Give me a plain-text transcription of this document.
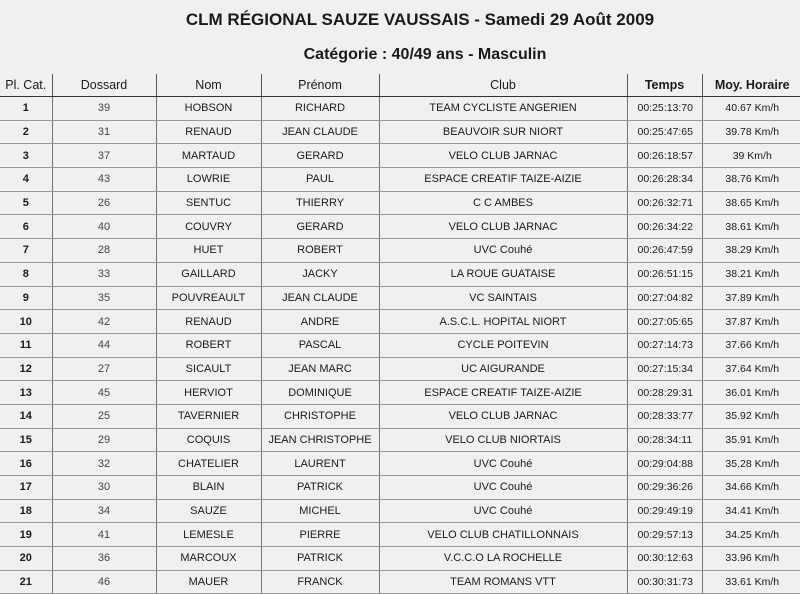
CLM RÉGIONAL SAUZE VAUSSAIS - Samedi 29 Août 2009
Catégorie : 40/49 ans - Masculin
Pl. Cat.	Dossard	Nom	Prénom	Club	Temps	Moy. Horaire
1	39	HOBSON	RICHARD	TEAM CYCLISTE ANGERIEN	00:25:13:70	40.67 Km/h
2	31	RENAUD	JEAN CLAUDE	BEAUVOIR SUR NIORT	00:25:47:65	39.78 Km/h
3	37	MARTAUD	GERARD	VELO CLUB JARNAC	00:26:18:57	39 Km/h
4	43	LOWRIE	PAUL	ESPACE CREATIF TAIZE-AIZIE	00:26:28:34	38.76 Km/h
5	26	SENTUC	THIERRY	C C AMBES	00:26:32:71	38.65 Km/h
6	40	COUVRY	GERARD	VELO CLUB JARNAC	00:26:34:22	38.61 Km/h
7	28	HUET	ROBERT	UVC Couhé	00:26:47:59	38.29 Km/h
8	33	GAILLARD	JACKY	LA ROUE GUATAISE	00:26:51:15	38.21 Km/h
9	35	POUVREAULT	JEAN CLAUDE	VC SAINTAIS	00:27:04:82	37.89 Km/h
10	42	RENAUD	ANDRE	A.S.C.L. HOPITAL NIORT	00:27:05:65	37.87 Km/h
11	44	ROBERT	PASCAL	CYCLE POITEVIN	00:27:14:73	37.66 Km/h
12	27	SICAULT	JEAN MARC	UC AIGURANDE	00:27:15:34	37.64 Km/h
13	45	HERVIOT	DOMINIQUE	ESPACE CREATIF TAIZE-AIZIE	00:28:29:31	36.01 Km/h
14	25	TAVERNIER	CHRISTOPHE	VELO CLUB JARNAC	00:28:33:77	35.92 Km/h
15	29	COQUIS	JEAN CHRISTOPHE	VELO CLUB NIORTAIS	00:28:34:11	35.91 Km/h
16	32	CHATELIER	LAURENT	UVC Couhé	00:29:04:88	35.28 Km/h
17	30	BLAIN	PATRICK	UVC Couhé	00:29:36:26	34.66 Km/h
18	34	SAUZE	MICHEL	UVC Couhé	00:29:49:19	34.41 Km/h
19	41	LEMESLE	PIERRE	VELO CLUB CHATILLONNAIS	00:29:57:13	34.25 Km/h
20	36	MARCOUX	PATRICK	V.C.C.O LA ROCHELLE	00:30:12:63	33.96 Km/h
21	46	MAUER	FRANCK	TEAM ROMANS VTT	00:30:31:73	33.61 Km/h
